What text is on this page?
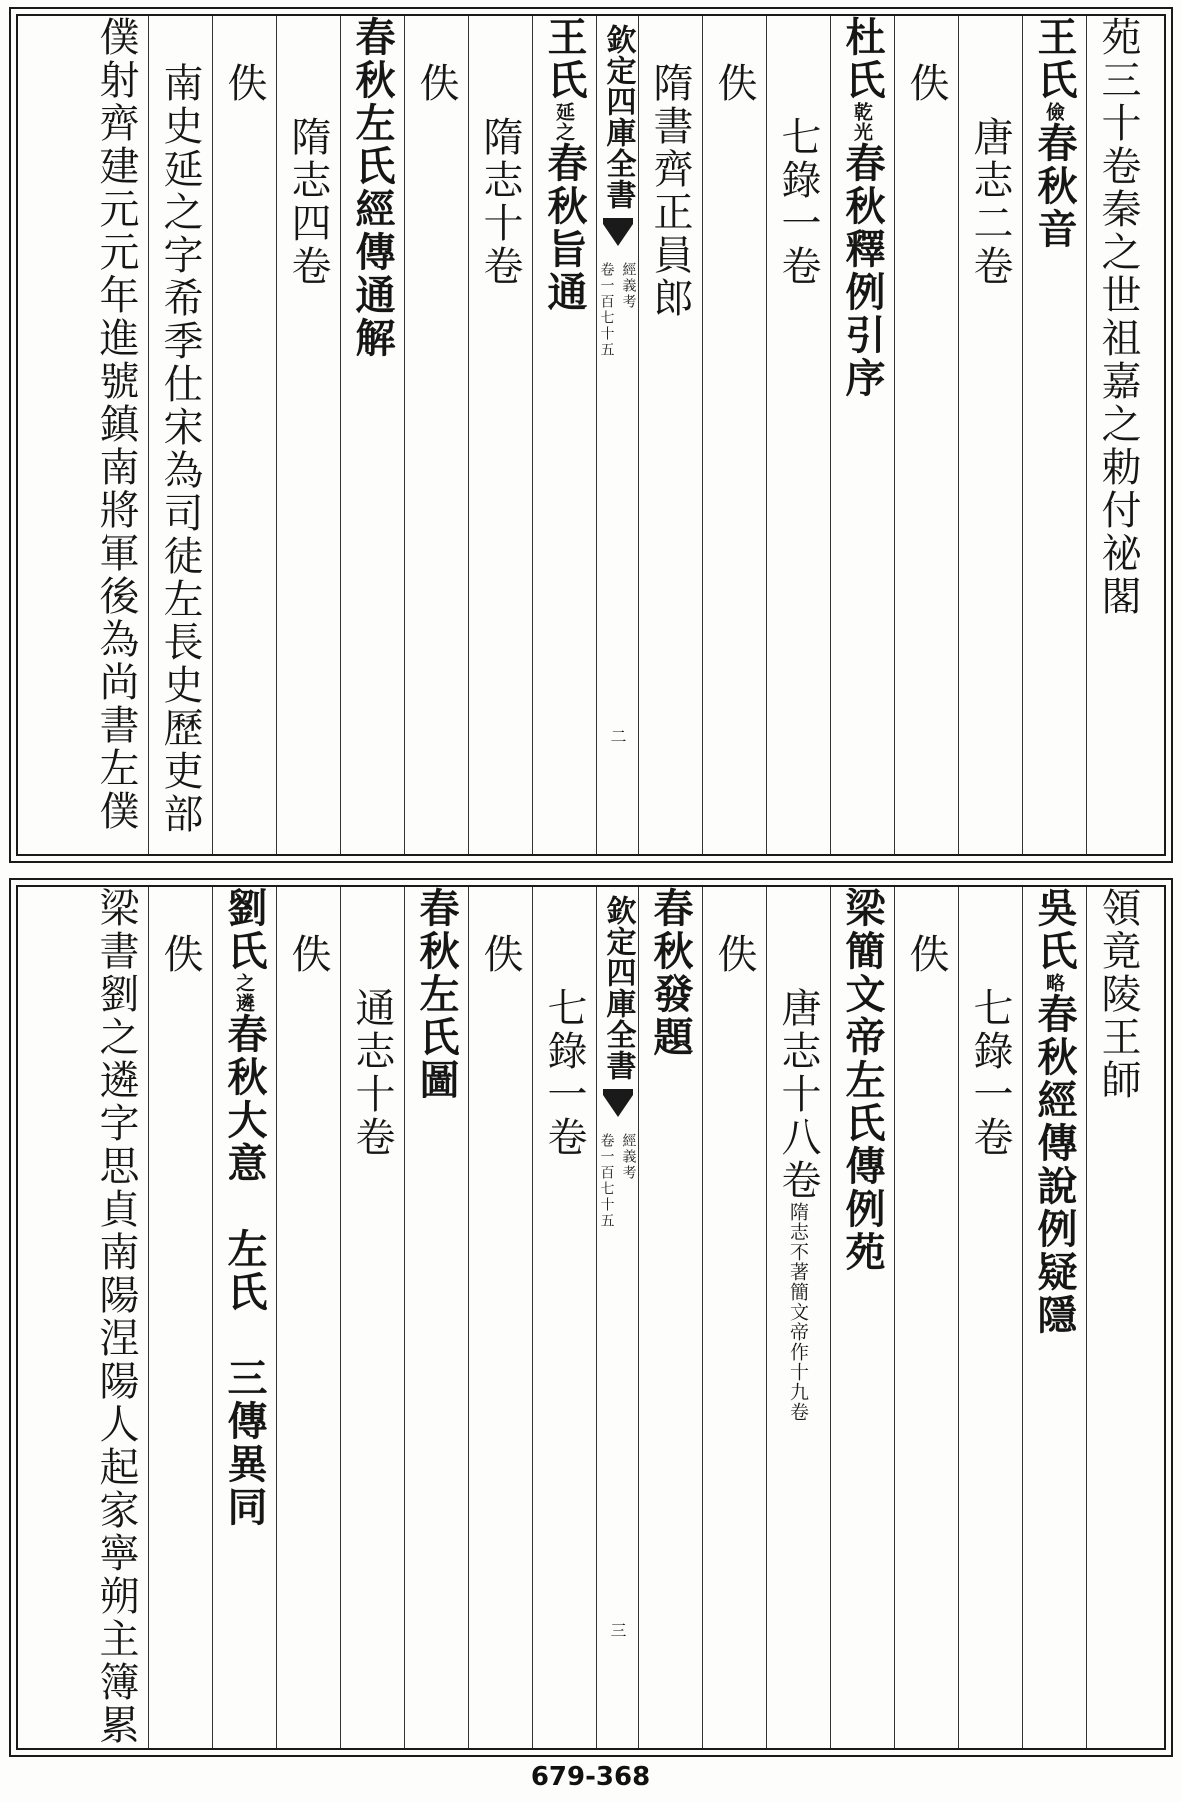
苑三十卷秦之世祖嘉之勅付祕閣
王氏儉春秋音
唐志二卷
佚
杜氏乾光春秋釋例引序
七錄一卷
佚
隋書齊正員郎
欽定四庫全書
經義考
卷一百七十五
二
王氏延之春秋旨通
隋志十卷
佚
春秋左氏經傳通解
隋志四卷
佚
南史延之字希季仕宋為司徒左長史歷吏部
僕射齊建元元年進號鎮南將軍後為尚書左僕
領竟陵王師
吳氏略春秋經傳說例疑隱
七錄一卷
佚
梁簡文帝左氏傳例苑
唐志十八卷隋志不著簡文帝作十九卷
佚
春秋發題
欽定四庫全書
經義考
卷一百七十五
三
七錄一卷
佚
春秋左氏圖
通志十卷
佚
劉氏之遴春秋大意　左氏　三傳異同
佚
梁書劉之遴字思貞南陽涅陽人起家寧朔主簿累
679-368
